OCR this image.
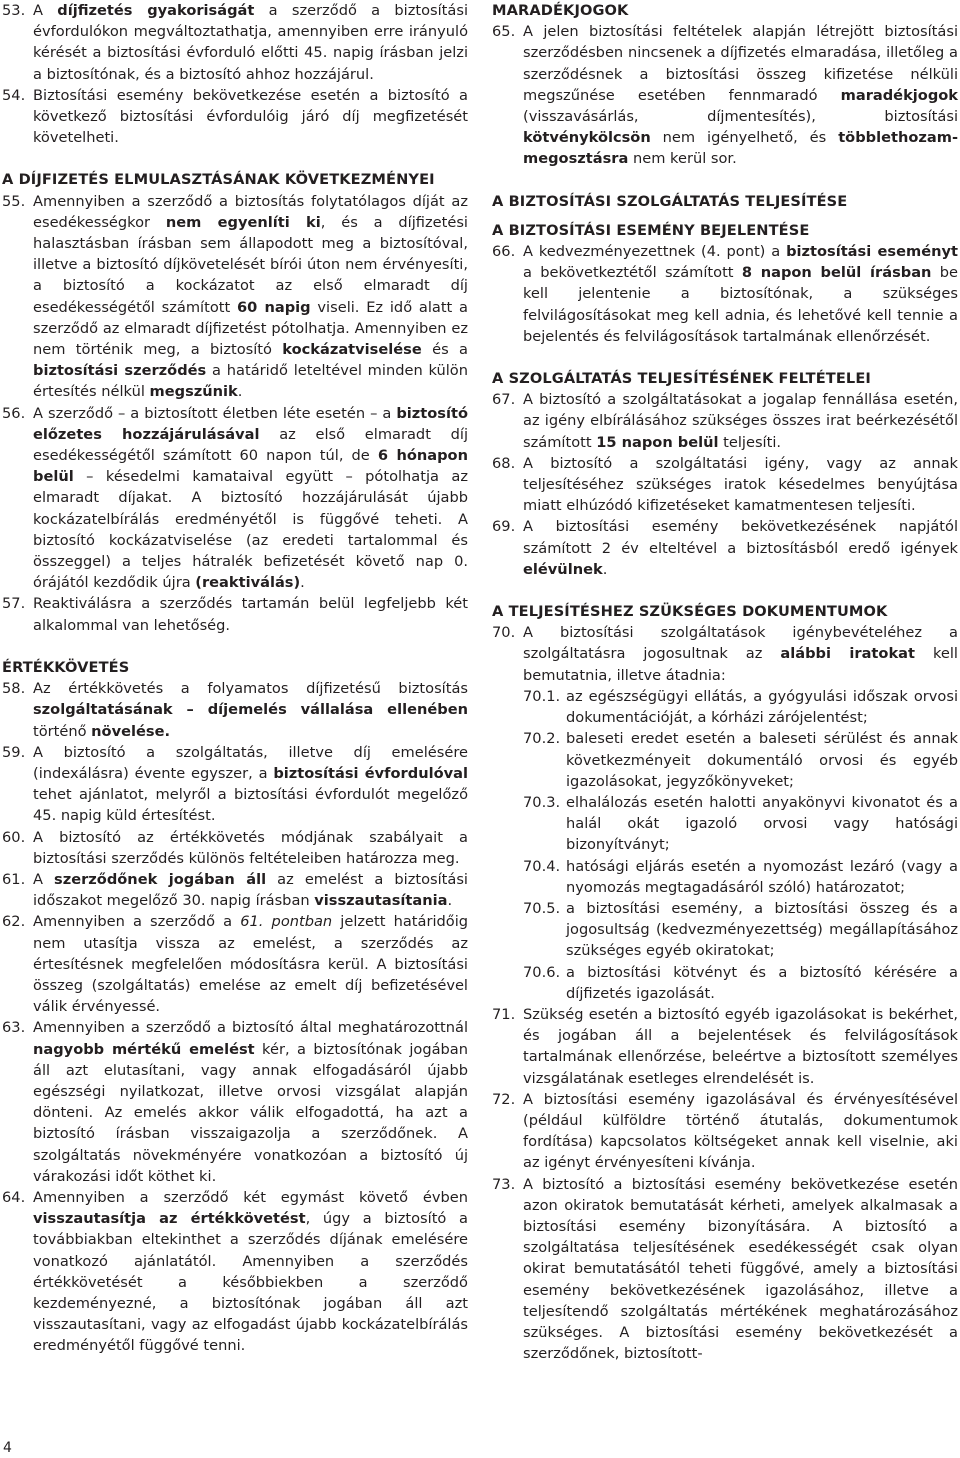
53. A díjfizetés gyakoriságát a szerződő a biztosítási évfordulókon megváltoztathatja, amennyiben erre irányuló kérését a biztosítási évforduló előtti 45. napig írásban jelzi a biztosítónak, és a biztosító ahhoz hozzájárul.

54. Biztosítási esemény bekövetkezése esetén a biztosító a következő biztosítási évfordulóig járó díj megfizetését követelheti.

A DÍJFIZETÉS ELMULASZTÁSÁNAK KÖVETKEZMÉNYEI

55. Amennyiben a szerződő a biztosítás folytatólagos díját az esedékességkor nem egyenlíti ki, és a díjfizetési halasztásban írásban sem állapodott meg a biztosítóval, illetve a biztosító díjkövetelését bírói úton nem érvényesíti, a biztosító a kockázatot az első elmaradt díj esedékességétől számított 60 napig viseli. Ez idő alatt a szerződő az elmaradt díjfizetést pótolhatja. Amennyiben ez nem történik meg, a biztosító kockázatviselése és a biztosítási szerződés a határidő leteltével minden külön értesítés nélkül megszűnik.

56. A szerződő – a biztosított életben léte esetén – a biztosító előzetes hozzájárulásával az első elmaradt díj esedékességétől számított 60 napon túl, de 6 hónapon belül – késedelmi kamataival együtt – pótolhatja az elmaradt díjakat. A biztosító hozzájárulását újabb kockázatelbírálás eredményétől is függővé teheti. A biztosító kockázatviselése (az eredeti tartalommal és összeggel) a teljes hátralék befizetését követő nap 0. órájától kezdődik újra (reaktiválás).

57. Reaktiválásra a szerződés tartamán belül legfeljebb két alkalommal van lehetőség.

ÉRTÉKKÖVETÉS

58. Az értékkövetés a folyamatos díjfizetésű biztosítás szolgáltatásának – díjemelés vállalása ellenében történő növelése.

59. A biztosító a szolgáltatás, illetve díj emelésére (indexálásra) évente egyszer, a biztosítási évfordulóval tehet ajánlatot, melyről a biztosítási évfordulót megelőző 45. napig küld értesítést.

60. A biztosító az értékkövetés módjának szabályait a biztosítási szerződés különös feltételeiben határozza meg.

61. A szerződőnek jogában áll az emelést a biztosítási időszakot megelőző 30. napig írásban visszautasítania.

62. Amennyiben a szerződő a 61. pontban jelzett határidőig nem utasítja vissza az emelést, a szerződés az értesítésnek megfelelően módosításra kerül. A biztosítási összeg (szolgáltatás) emelése az emelt díj befizetésével válik érvényessé.

63. Amennyiben a szerződő a biztosító által meghatározottnál nagyobb mértékű emelést kér, a biztosítónak jogában áll azt elutasítani, vagy annak elfogadásáról újabb egészségi nyilatkozat, illetve orvosi vizsgálat alapján dönteni. Az emelés akkor válik elfogadottá, ha azt a biztosító írásban visszaigazolja a szerződőnek. A szolgáltatás növekményére vonatkozóan a biztosító új várakozási időt köthet ki.

64. Amennyiben a szerződő két egymást követő évben visszautasítja az értékkövetést, úgy a biztosító a továbbiakban eltekinthet a szerződés díjának emelésére vonatkozó ajánlatától. Amennyiben a szerződés értékkövetését a későbbiekben a szerződő kezdeményezné, a biztosítónak jogában áll azt visszautasítani, vagy az elfogadást újabb kockázatelbírálás eredményétől függővé tenni.

MARADÉKJOGOK

65. A jelen biztosítási feltételek alapján létrejött biztosítási szerződésben nincsenek a díjfizetés elmaradása, illetőleg a szerződésnek a biztosítási összeg kifizetése nélküli megszűnése esetében fennmaradó maradékjogok (visszavásárlás, díjmentesítés), biztosítási kötvénykölcsön nem igényelhető, és többlethozam-megosztásra nem kerül sor.

A BIZTOSÍTÁSI SZOLGÁLTATÁS TELJESÍTÉSE

A BIZTOSÍTÁSI ESEMÉNY BEJELENTÉSE

66. A kedvezményezettnek (4. pont) a biztosítási eseményt a bekövetkeztétől számított 8 napon belül írásban be kell jelentenie a biztosítónak, a szükséges felvilágosításokat meg kell adnia, és lehetővé kell tennie a bejelentés és felvilágosítások tartalmának ellenőrzését.

A SZOLGÁLTATÁS TELJESÍTÉSÉNEK FELTÉTELEI

67. A biztosító a szolgáltatásokat a jogalap fennállása esetén, az igény elbírálásához szükséges összes irat beérkezésétől számított 15 napon belül teljesíti.

68. A biztosító a szolgáltatási igény, vagy az annak teljesítéséhez szükséges iratok késedelmes benyújtása miatt elhúzódó kifizetéseket kamatmentesen teljesíti.

69. A biztosítási esemény bekövetkezésének napjától számított 2 év elteltével a biztosításból eredő igények elévülnek.

A TELJESÍTÉSHEZ SZÜKSÉGES DOKUMENTUMOK

70. A biztosítási szolgáltatások igénybevételéhez a szolgáltatásra jogosultnak az alábbi iratokat kell bemutatnia, illetve átadnia:

70.1. az egészségügyi ellátás, a gyógyulási időszak orvosi dokumentációját, a kórházi zárójelentést;

70.2. baleseti eredet esetén a baleseti sérülést és annak következményeit dokumentáló orvosi és egyéb igazolásokat, jegyzőkönyveket;

70.3. elhalálozás esetén halotti anyakönyvi kivonatot és a halál okát igazoló orvosi vagy hatósági bizonyítványt;

70.4. hatósági eljárás esetén a nyomozást lezáró (vagy a nyomozás megtagadásáról szóló) határozatot;

70.5. a biztosítási esemény, a biztosítási összeg és a jogosultság (kedvezményezettség) megállapításához szükséges egyéb okiratokat;

70.6. a biztosítási kötvényt és a biztosító kérésére a díjfizetés igazolását.

71. Szükség esetén a biztosító egyéb igazolásokat is bekérhet, és jogában áll a bejelentések és felvilágosítások tartalmának ellenőrzése, beleértve a biztosított személyes vizsgálatának esetleges elrendelését is.

72. A biztosítási esemény igazolásával és érvényesítésével (például külföldre történő átutalás, dokumentumok fordítása) kapcsolatos költségeket annak kell viselnie, aki az igényt érvényesíteni kívánja.

73. A biztosító a biztosítási esemény bekövetkezése esetén azon okiratok bemutatását kérheti, amelyek alkalmasak a biztosítási esemény bizonyítására. A biztosító a szolgáltatása teljesítésének esedékességét csak olyan okirat bemutatásától teheti függővé, amely a biztosítási esemény bekövetkezésének igazolásához, illetve a teljesítendő szolgáltatás mértékének meghatározásához szükséges. A biztosítási esemény bekövetkezését a szerződőnek, biztosított-

4
